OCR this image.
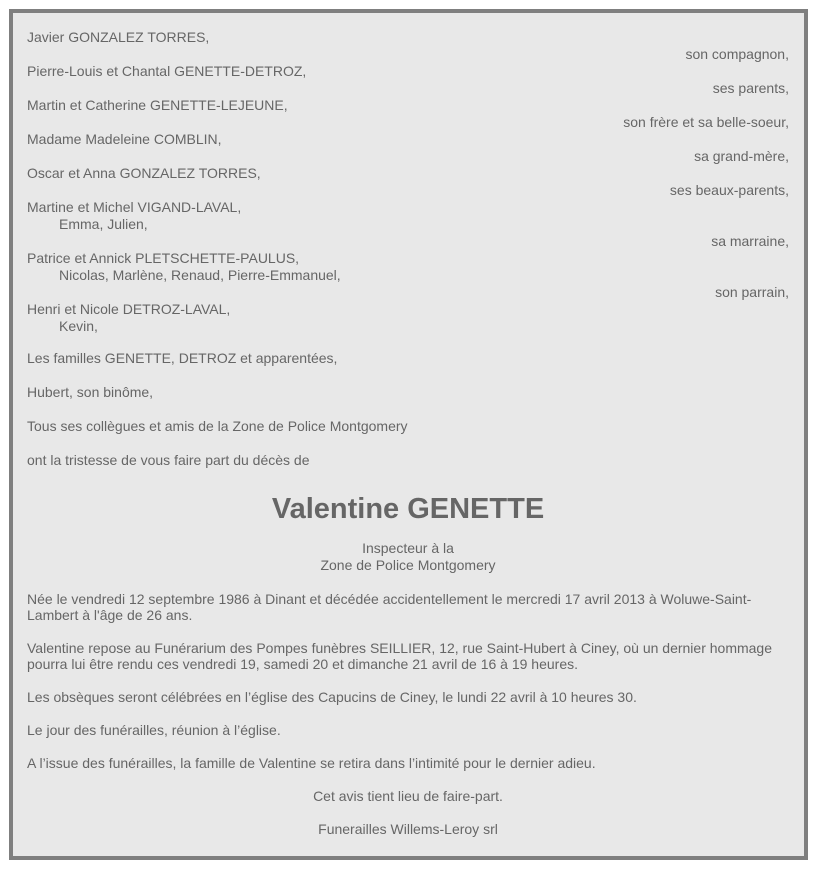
Javier GONZALEZ TORRES,
son compagnon,
Pierre-Louis et Chantal GENETTE-DETROZ,
ses parents,
Martin et Catherine GENETTE-LEJEUNE,
son frère et sa belle-soeur,
Madame Madeleine COMBLIN,
sa grand-mère,
Oscar et Anna GONZALEZ TORRES,
ses beaux-parents,
Martine et Michel VIGAND-LAVAL,
Emma, Julien,
sa marraine,
Patrice et Annick PLETSCHETTE-PAULUS,
Nicolas, Marlène, Renaud, Pierre-Emmanuel,
son parrain,
Henri et Nicole DETROZ-LAVAL,
Kevin,
Les familles GENETTE, DETROZ et apparentées,
Hubert, son binôme,
Tous ses collègues et amis de la Zone de Police Montgomery
ont la tristesse de vous faire part du décès de
Valentine GENETTE
Inspecteur à la
Zone de Police Montgomery
Née le vendredi 12 septembre 1986 à Dinant et décédée accidentellement le mercredi 17 avril 2013 à Woluwe-Saint-Lambert à l'âge de 26 ans.
Valentine repose au Funérarium des Pompes funèbres SEILLIER, 12, rue Saint-Hubert à Ciney, où un dernier hommage pourra lui être rendu ces vendredi 19, samedi 20 et dimanche 21 avril de 16 à 19 heures.
Les obsèques seront célébrées en l’église des Capucins de Ciney, le lundi 22 avril à 10 heures 30.
Le jour des funérailles, réunion à l’église.
A l’issue des funérailles, la famille de Valentine se retira dans l’intimité pour le dernier adieu.
Cet avis tient lieu de faire-part.
Funerailles Willems-Leroy srl
